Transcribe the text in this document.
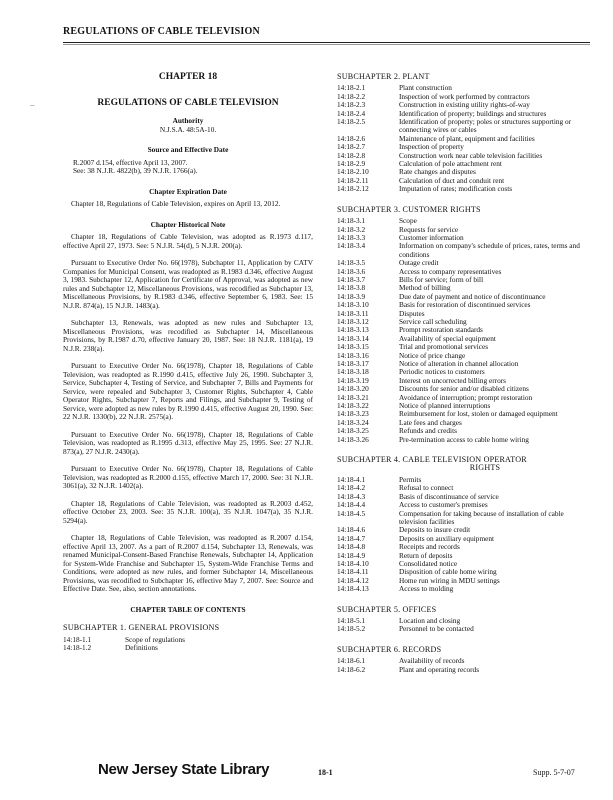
REGULATIONS OF CABLE TELEVISION
–
CHAPTER 18
REGULATIONS OF CABLE TELEVISION
Authority
N.J.S.A. 48:5A-10.
Source and Effective Date
R.2007 d.154, effective April 13, 2007.
See: 38 N.J.R. 4822(b), 39 N.J.R. 1766(a).
Chapter Expiration Date
Chapter 18, Regulations of Cable Television, expires on April 13, 2012.
Chapter Historical Note
Chapter 18, Regulations of Cable Television, was adopted as R.1973 d.117, effective April 27, 1973. See: 5 N.J.R. 54(d), 5 N.J.R. 200(a).
Pursuant to Executive Order No. 66(1978), Subchapter 11, Application by CATV Companies for Municipal Consent, was readopted as R.1983 d.346, effective August 3, 1983. Subchapter 12, Application for Certificate of Approval, was adopted as new rules and Subchapter 12, Miscellaneous Provisions, was recodified as Subchapter 13, Miscellaneous Provisions, by R.1983 d.346, effective September 6, 1983. See: 15 N.J.R. 874(a), 15 N.J.R. 1483(a).
Subchapter 13, Renewals, was adopted as new rules and Subchapter 13, Miscellaneous Provisions, was recodified as Subchapter 14, Miscellaneous Provisions, by R.1987 d.70, effective January 20, 1987. See: 18 N.J.R. 1181(a), 19 N.J.R. 238(a).
Pursuant to Executive Order No. 66(1978), Chapter 18, Regulations of Cable Television, was readopted as R.1990 d.415, effective July 26, 1990. Subchapter 3, Service, Subchapter 4, Testing of Service, and Subchapter 7, Bills and Payments for Service, were repealed and Subchapter 3, Customer Rights, Subchapter 4, Cable Operator Rights, Subchapter 7, Reports and Filings, and Subchapter 9, Testing of Service, were adopted as new rules by R.1990 d.415, effective August 20, 1990. See: 22 N.J.R. 1330(b), 22 N.J.R. 2575(a).
Pursuant to Executive Order No. 66(1978), Chapter 18, Regulations of Cable Television, was readopted as R.1995 d.313, effective May 25, 1995. See: 27 N.J.R. 873(a), 27 N.J.R. 2430(a).
Pursuant to Executive Order No. 66(1978), Chapter 18, Regulations of Cable Television, was readopted as R.2000 d.155, effective March 17, 2000. See: 31 N.J.R. 3061(a), 32 N.J.R. 1402(a).
Chapter 18, Regulations of Cable Television, was readopted as R.2003 d.452, effective October 23, 2003. See: 35 N.J.R. 100(a), 35 N.J.R. 1047(a), 35 N.J.R. 5294(a).
Chapter 18, Regulations of Cable Television, was readopted as R.2007 d.154, effective April 13, 2007. As a part of R.2007 d.154, Subchapter 13, Renewals, was renamed Municipal-Consent-Based Franchise Renewals, Subchapter 14, Application for System-Wide Franchise and Subchapter 15, System-Wide Franchise Terms and Conditions, were adopted as new rules, and former Subchapter 14, Miscellaneous Provisions, was recodified to Subchapter 16, effective May 7, 2007. See: Source and Effective Date. See, also, section annotations.
CHAPTER TABLE OF CONTENTS
SUBCHAPTER 1. GENERAL PROVISIONS
14:18-1.1	Scope of regulations
14:18-1.2	Definitions
SUBCHAPTER 2. PLANT
14:18-2.1	Plant construction
14:18-2.2	Inspection of work performed by contractors
14:18-2.3	Construction in existing utility rights-of-way
14:18-2.4	Identification of property; buildings and structures
14:18-2.5	Identification of property; poles or structures supporting or connecting wires or cables
14:18-2.6	Maintenance of plant, equipment and facilities
14:18-2.7	Inspection of property
14:18-2.8	Construction work near cable television facilities
14:18-2.9	Calculation of pole attachment rent
14:18-2.10	Rate changes and disputes
14:18-2.11	Calculation of duct and conduit rent
14:18-2.12	Imputation of rates; modification costs
SUBCHAPTER 3. CUSTOMER RIGHTS
14:18-3.1	Scope
14:18-3.2	Requests for service
14:18-3.3	Customer information
14:18-3.4	Information on company's schedule of prices, rates, terms and conditions
14:18-3.5	Outage credit
14:18-3.6	Access to company representatives
14:18-3.7	Bills for service; form of bill
14:18-3.8	Method of billing
14:18-3.9	Due date of payment and notice of discontinuance
14:18-3.10	Basis for restoration of discontinued services
14:18-3.11	Disputes
14:18-3.12	Service call scheduling
14:18-3.13	Prompt restoration standards
14:18-3.14	Availability of special equipment
14:18-3.15	Trial and promotional services
14:18-3.16	Notice of price change
14:18-3.17	Notice of alteration in channel allocation
14:18-3.18	Periodic notices to customers
14:18-3.19	Interest on uncorrected billing errors
14:18-3.20	Discounts for senior and/or disabled citizens
14:18-3.21	Avoidance of interruption; prompt restoration
14:18-3.22	Notice of planned interruptions
14:18-3.23	Reimbursement for lost, stolen or damaged equipment
14:18-3.24	Late fees and charges
14:18-3.25	Refunds and credits
14:18-3.26	Pre-termination access to cable home wiring
SUBCHAPTER 4. CABLE TELEVISION OPERATOR
RIGHTS
14:18-4.1	Permits
14:18-4.2	Refusal to connect
14:18-4.3	Basis of discontinuance of service
14:18-4.4	Access to customer's premises
14:18-4.5	Compensation for taking because of installation of cable television facilities
14:18-4.6	Deposits to insure credit
14:18-4.7	Deposits on auxiliary equipment
14:18-4.8	Receipts and records
14:18-4.9	Return of deposits
14:18-4.10	Consolidated notice
14:18-4.11	Disposition of cable home wiring
14:18-4.12	Home run wiring in MDU settings
14:18-4.13	Access to molding
SUBCHAPTER 5. OFFICES
14:18-5.1	Location and closing
14:18-5.2	Personnel to be contacted
SUBCHAPTER 6. RECORDS
14:18-6.1	Availability of records
14:18-6.2	Plant and operating records
New Jersey State Library	18-1	Supp. 5-7-07
